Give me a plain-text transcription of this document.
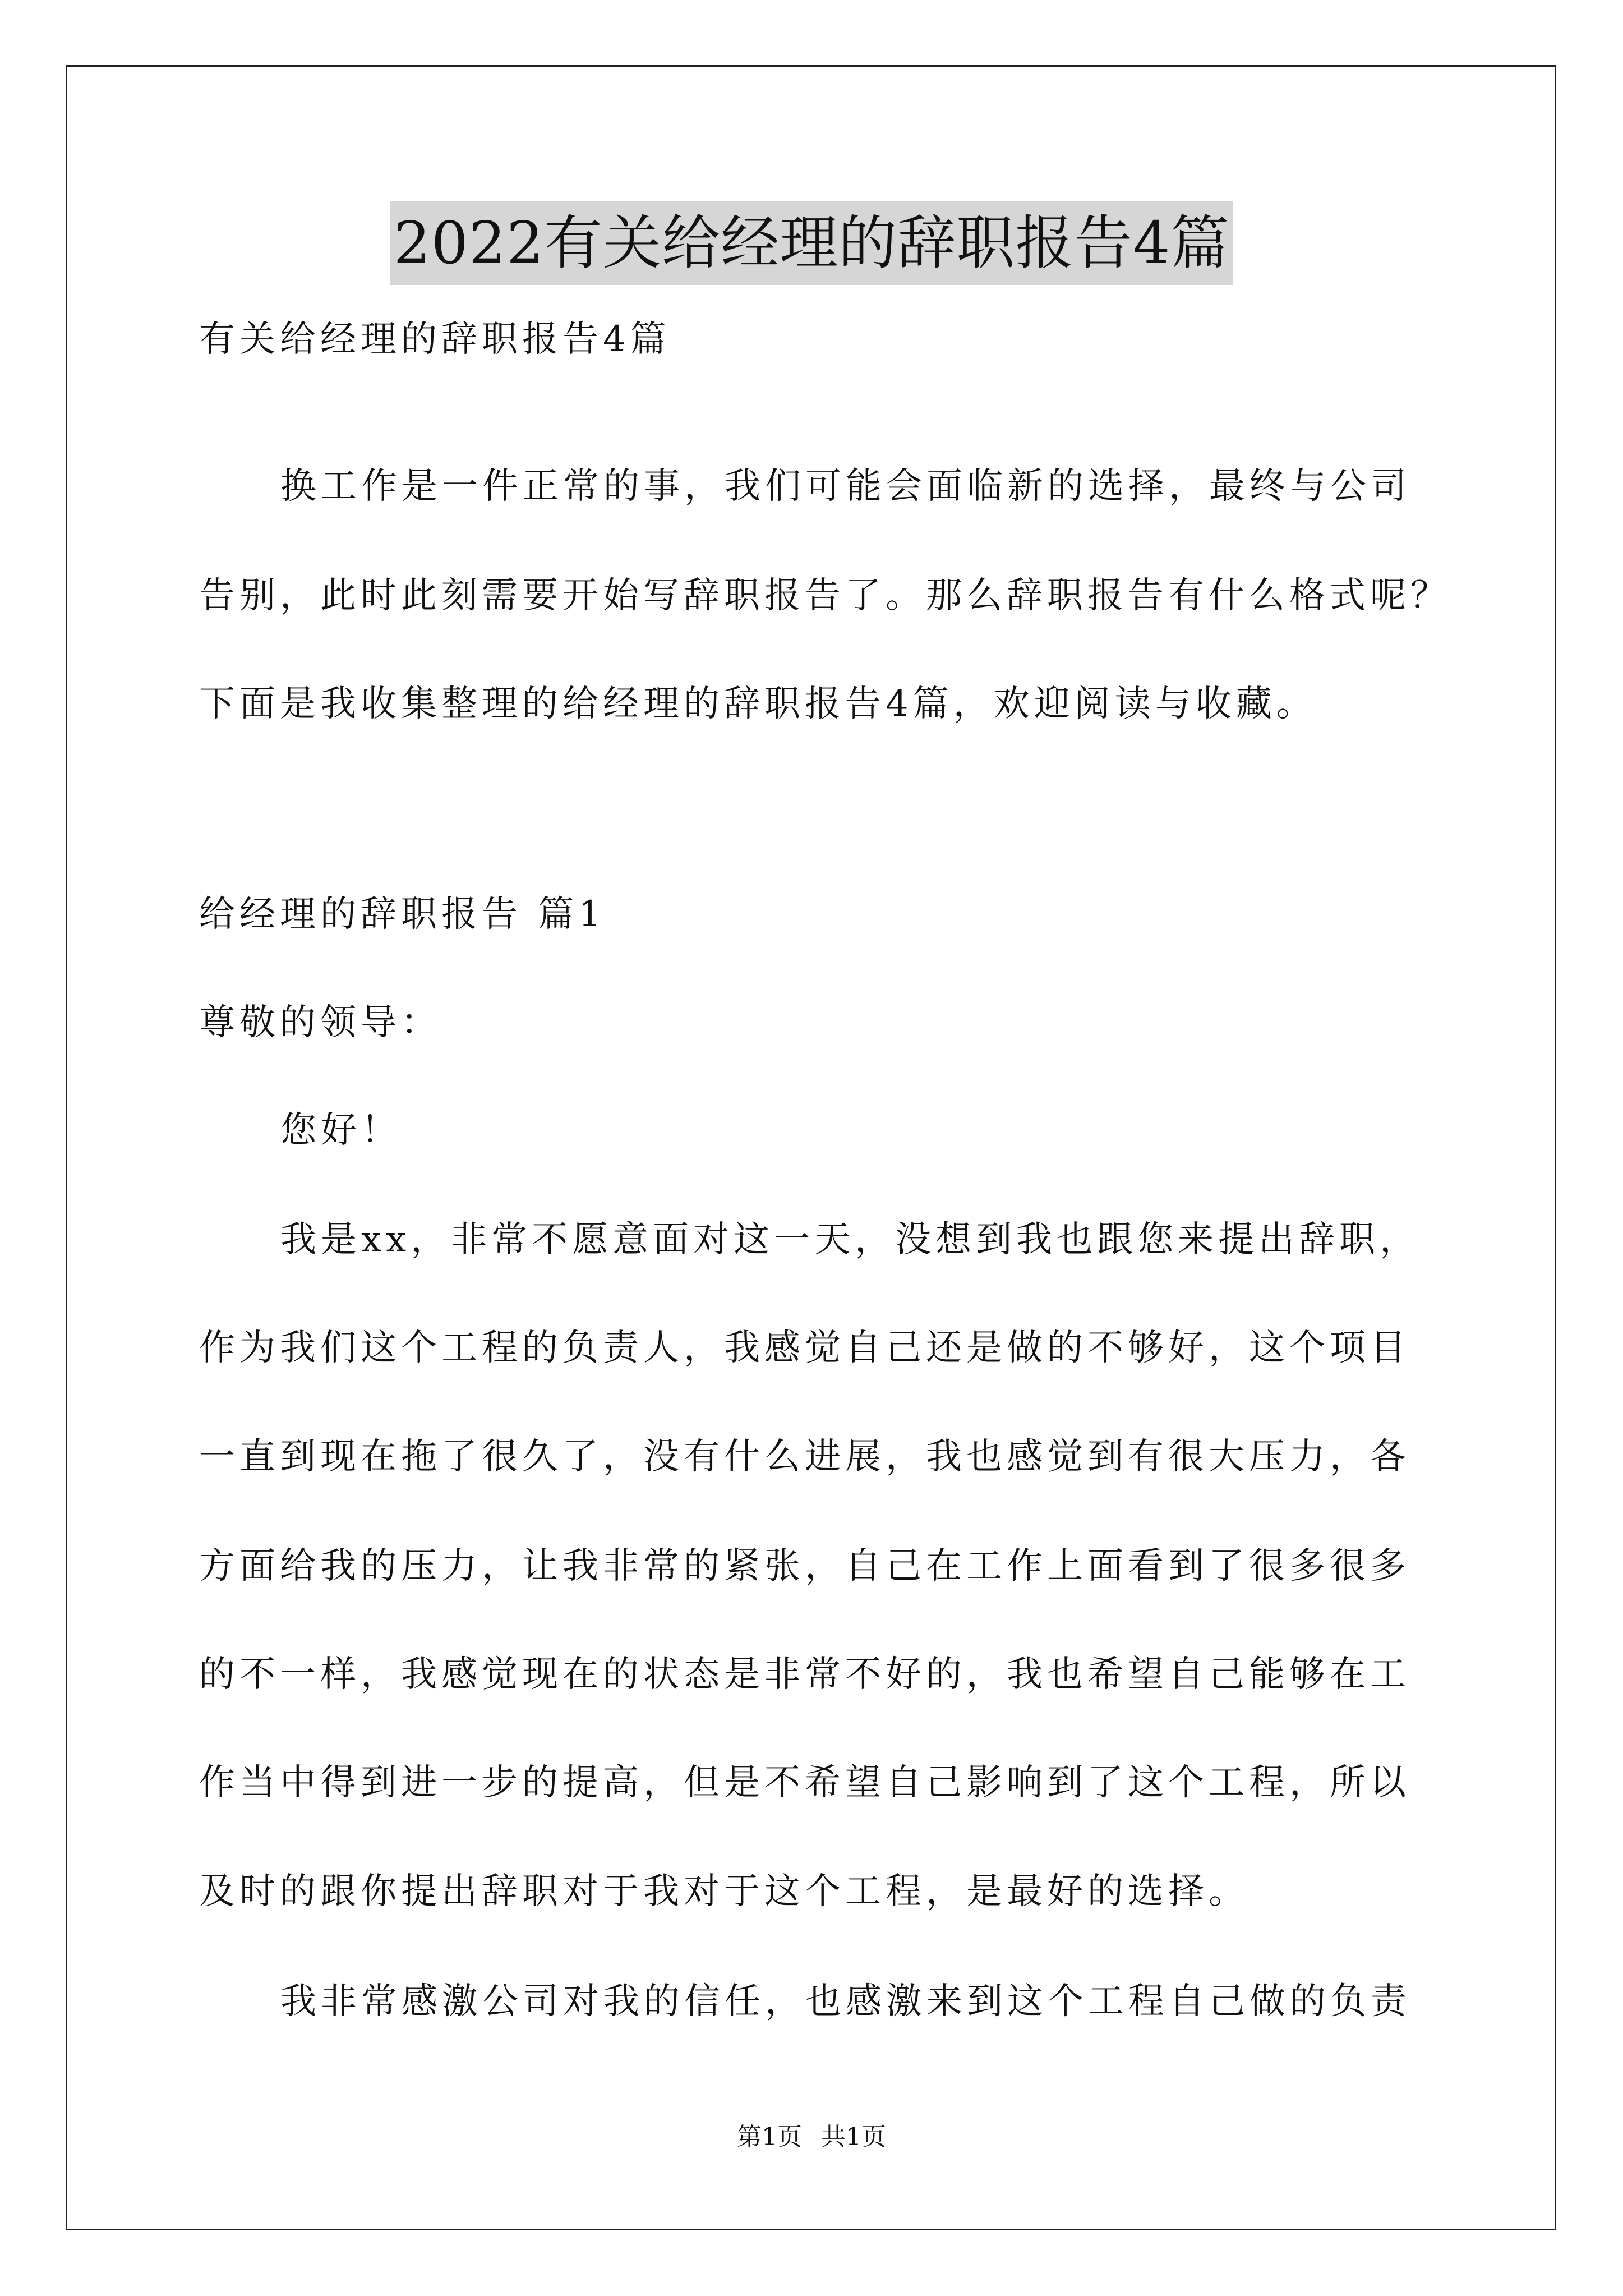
2022有关给经理的辞职报告4篇
有关给经理的辞职报告4篇
换工作是一件正常的事，我们可能会面临新的选择，最终与公司
告别，此时此刻需要开始写辞职报告了。那么辞职报告有什么格式呢？
下面是我收集整理的给经理的辞职报告4篇，欢迎阅读与收藏。
给经理的辞职报告 篇1
尊敬的领导：
您好！
我是xx，非常不愿意面对这一天，没想到我也跟您来提出辞职，
作为我们这个工程的负责人，我感觉自己还是做的不够好，这个项目
一直到现在拖了很久了，没有什么进展，我也感觉到有很大压力，各
方面给我的压力，让我非常的紧张，自己在工作上面看到了很多很多
的不一样，我感觉现在的状态是非常不好的，我也希望自己能够在工
作当中得到进一步的提高，但是不希望自己影响到了这个工程，所以
及时的跟你提出辞职对于我对于这个工程，是最好的选择。
我非常感激公司对我的信任，也感激来到这个工程自己做的负责
第1页 共1页
